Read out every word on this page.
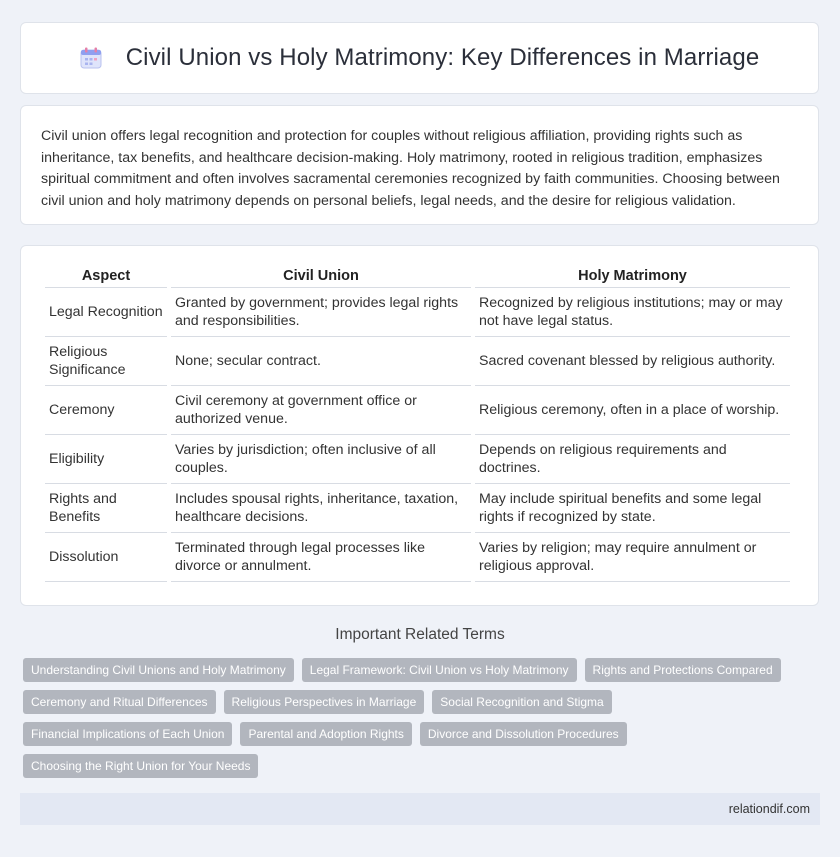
Civil Union vs Holy Matrimony: Key Differences in Marriage

Civil union offers legal recognition and protection for couples without religious affiliation, providing rights such as inheritance, tax benefits, and healthcare decision-making. Holy matrimony, rooted in religious tradition, emphasizes spiritual commitment and often involves sacramental ceremonies recognized by faith communities. Choosing between civil union and holy matrimony depends on personal beliefs, legal needs, and the desire for religious validation.

Aspect	Civil Union	Holy Matrimony
Legal Recognition	Granted by government; provides legal rights and responsibilities.	Recognized by religious institutions; may or may not have legal status.
Religious Significance	None; secular contract.	Sacred covenant blessed by religious authority.
Ceremony	Civil ceremony at government office or authorized venue.	Religious ceremony, often in a place of worship.
Eligibility	Varies by jurisdiction; often inclusive of all couples.	Depends on religious requirements and doctrines.
Rights and Benefits	Includes spousal rights, inheritance, taxation, healthcare decisions.	May include spiritual benefits and some legal rights if recognized by state.
Dissolution	Terminated through legal processes like divorce or annulment.	Varies by religion; may require annulment or religious approval.
Important Related Terms
Understanding Civil Unions and Holy Matrimony	Legal Framework: Civil Union vs Holy Matrimony	Rights and Protections Compared
Ceremony and Ritual Differences	Religious Perspectives in Marriage	Social Recognition and Stigma
Financial Implications of Each Union	Parental and Adoption Rights	Divorce and Dissolution Procedures
Choosing the Right Union for Your Needs
relationdif.com
